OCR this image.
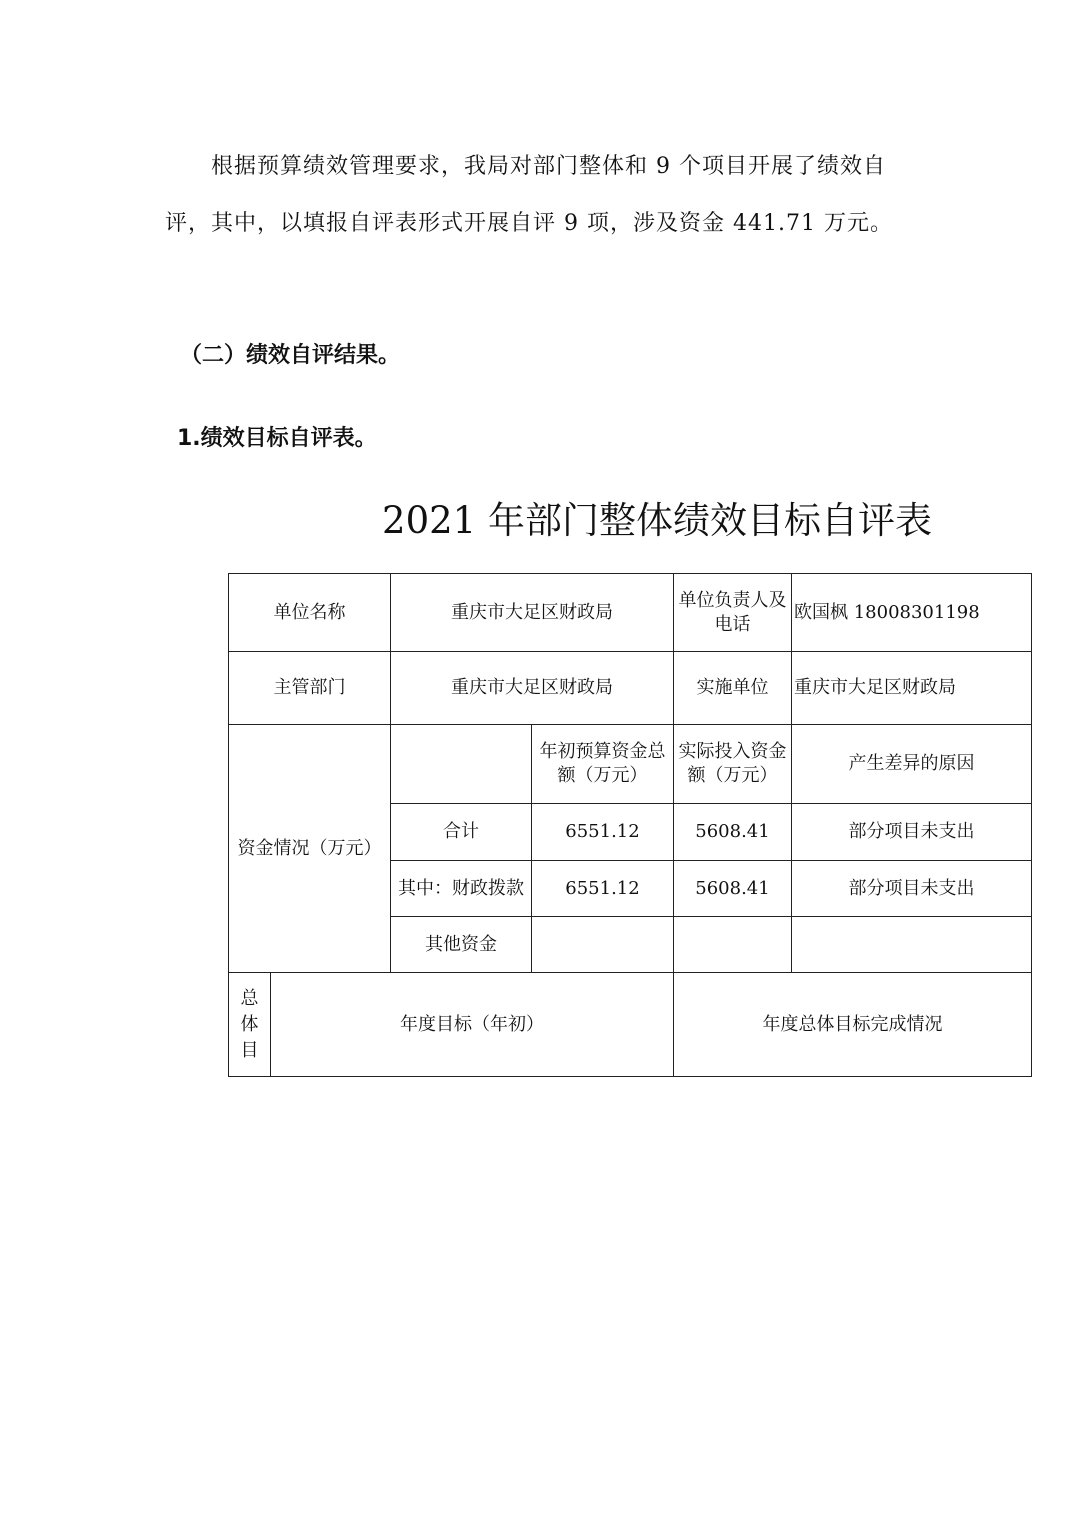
根据预算绩效管理要求，我局对部门整体和 9 个项目开展了绩效自评，其中，以填报自评表形式开展自评 9 项，涉及资金 441.71 万元。

（二）绩效自评结果。

1.绩效目标自评表。

2021 年部门整体绩效目标自评表
单位名称		重庆市大足区财政局		单位负责人及电话	欧国枫 18008301198
主管部门		重庆市大足区财政局		实施单位	重庆市大足区财政局
资金情况（万元）			年初预算资金总额（万元）	实际投入资金额（万元）	产生差异的原因
		合计	6551.12	5608.41	部分项目未支出
		其中：财政拨款	6551.12	5608.41	部分项目未支出
		其他资金			
总体目	年度目标（年初）			年度总体目标完成情况	
